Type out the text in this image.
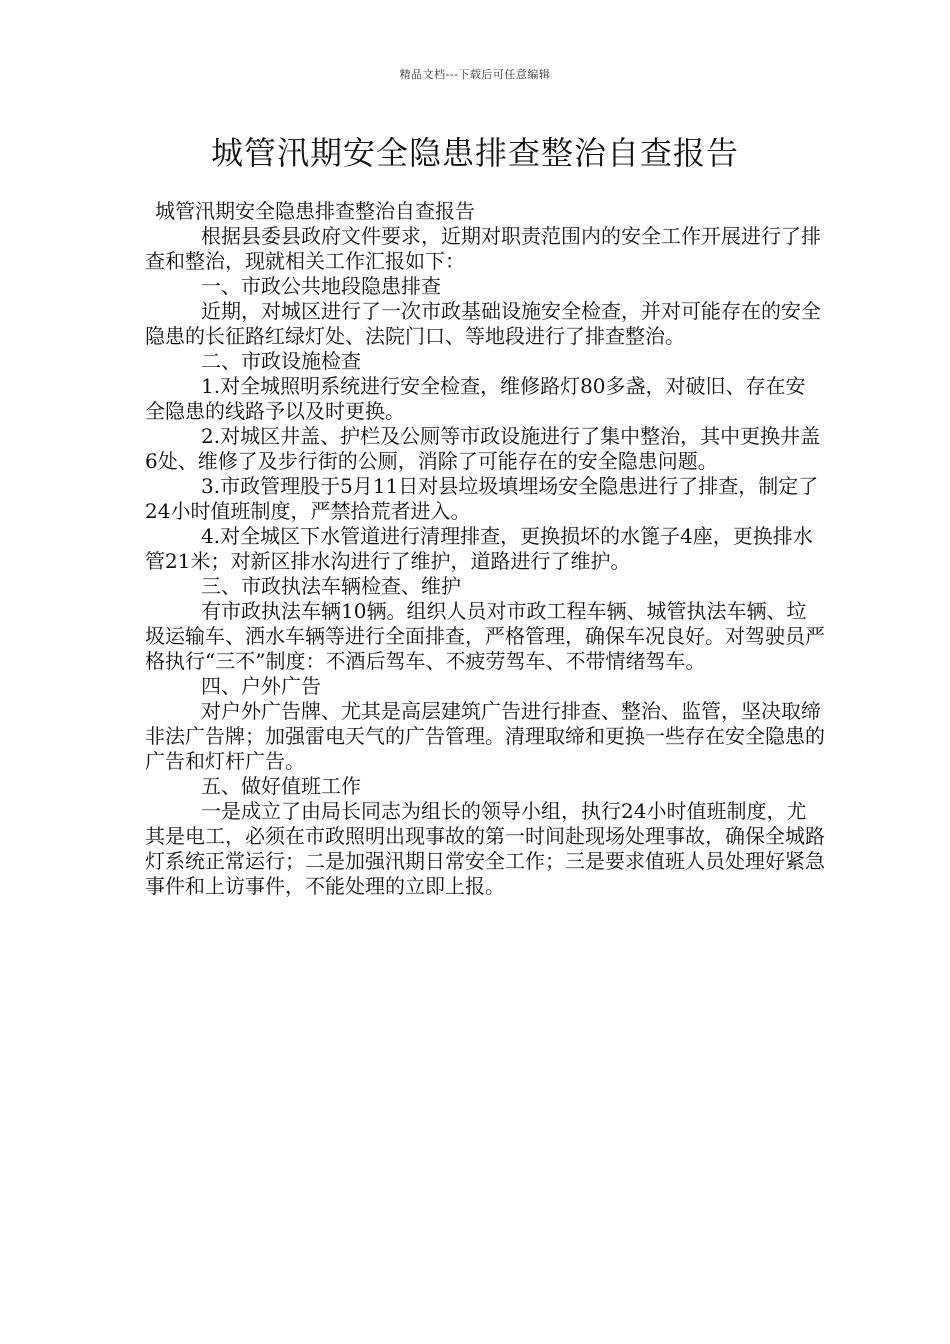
精品文档---下载后可任意编辑
城管汛期安全隐患排查整治自查报告

城管汛期安全隐患排查整治自查报告

根据县委县政府文件要求，近期对职责范围内的安全工作开展进行了排查和整治，现就相关工作汇报如下：

一、市政公共地段隐患排查

近期，对城区进行了一次市政基础设施安全检查，并对可能存在的安全隐患的长征路红绿灯处、法院门口、等地段进行了排查整治。

二、市政设施检查

1.对全城照明系统进行安全检查，维修路灯80多盏，对破旧、存在安全隐患的线路予以及时更换。

2.对城区井盖、护栏及公厕等市政设施进行了集中整治，其中更换井盖6处、维修了及步行街的公厕，消除了可能存在的安全隐患问题。

3.市政管理股于5月11日对县垃圾填埋场安全隐患进行了排查，制定了24小时值班制度，严禁拾荒者进入。

4.对全城区下水管道进行清理排查，更换损坏的水篦子4座，更换排水管21米；对新区排水沟进行了维护，道路进行了维护。

三、市政执法车辆检查、维护

有市政执法车辆10辆。组织人员对市政工程车辆、城管执法车辆、垃圾运输车、洒水车辆等进行全面排查，严格管理，确保车况良好。对驾驶员严格执行“三不”制度：不酒后驾车、不疲劳驾车、不带情绪驾车。

四、户外广告

对户外广告牌、尤其是高层建筑广告进行排查、整治、监管，坚决取缔非法广告牌；加强雷电天气的广告管理。清理取缔和更换一些存在安全隐患的广告和灯杆广告。

五、做好值班工作

一是成立了由局长同志为组长的领导小组，执行24小时值班制度，尤其是电工，必须在市政照明出现事故的第一时间赴现场处理事故，确保全城路灯系统正常运行；二是加强汛期日常安全工作；三是要求值班人员处理好紧急事件和上访事件，不能处理的立即上报。
